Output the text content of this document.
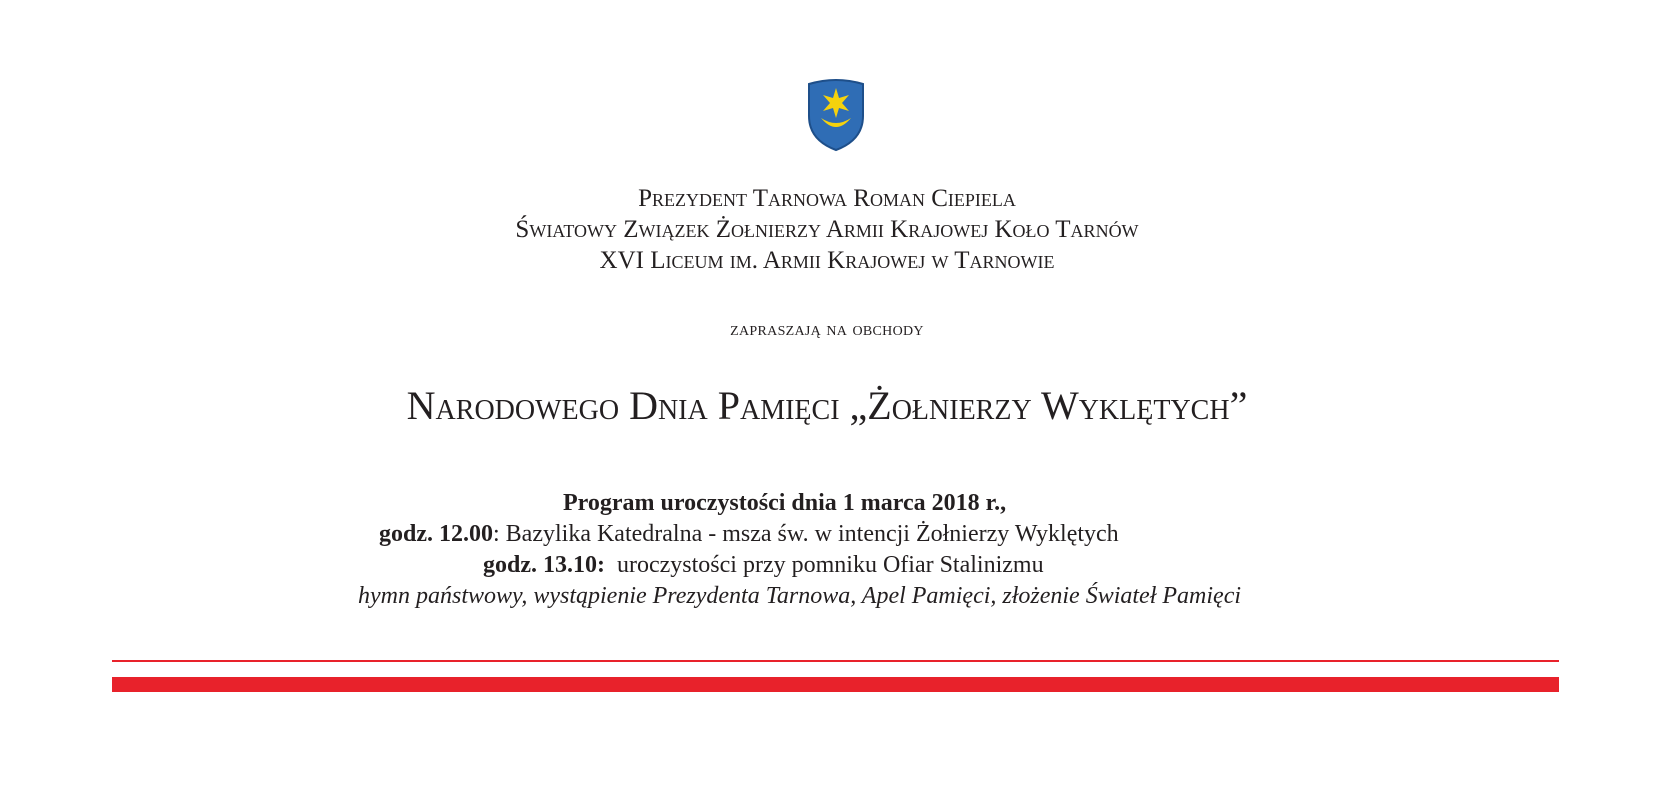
Prezydent Tarnowa Roman Ciepiela
Światowy Związek Żołnierzy Armii Krajowej Koło Tarnów
XVI Liceum im. Armii Krajowej w Tarnowie
zapraszają na obchody
Narodowego Dnia Pamięci „Żołnierzy Wyklętych”
Program uroczystości dnia 1 marca 2018 r.,
godz. 12.00: Bazylika Katedralna - msza św. w intencji Żołnierzy Wyklętych
godz. 13.10:  uroczystości przy pomniku Ofiar Stalinizmu
hymn państwowy, wystąpienie Prezydenta Tarnowa, Apel Pamięci, złożenie Świateł Pamięci
